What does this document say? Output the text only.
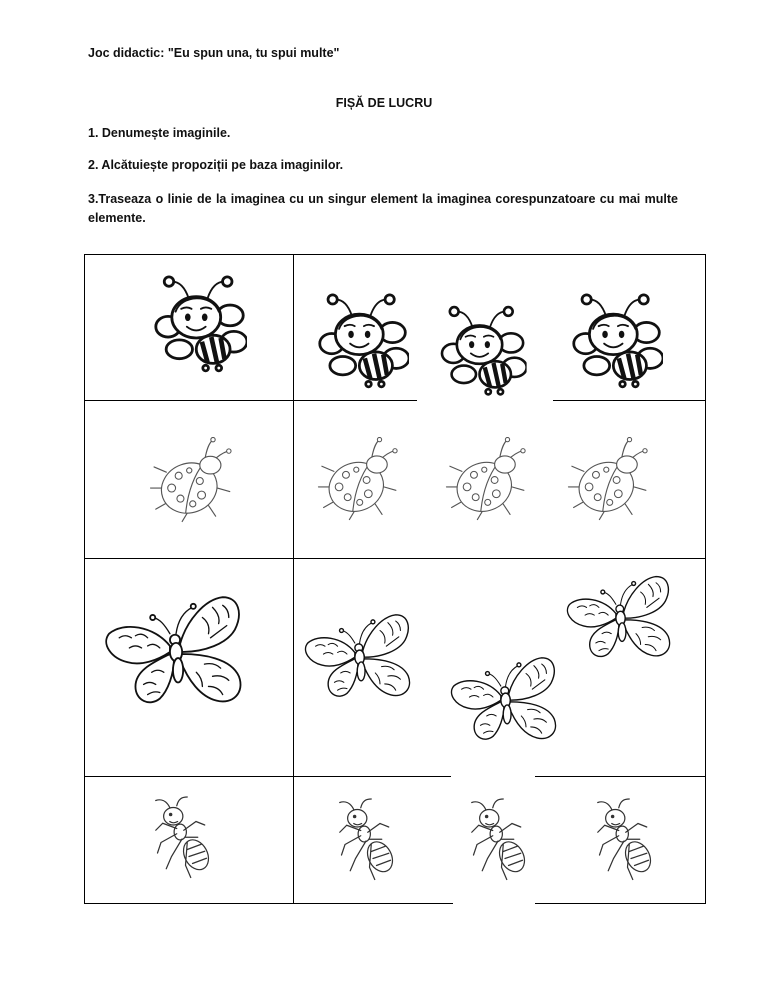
Joc didactic: "Eu spun una, tu spui multe"
FIȘĂ DE LUCRU
1. Denumește imaginile.
2. Alcătuiește propoziții pe baza imaginilor.
3.Traseaza o linie de la imaginea cu un singur element la imaginea corespunzatoare cu mai multe elemente.
